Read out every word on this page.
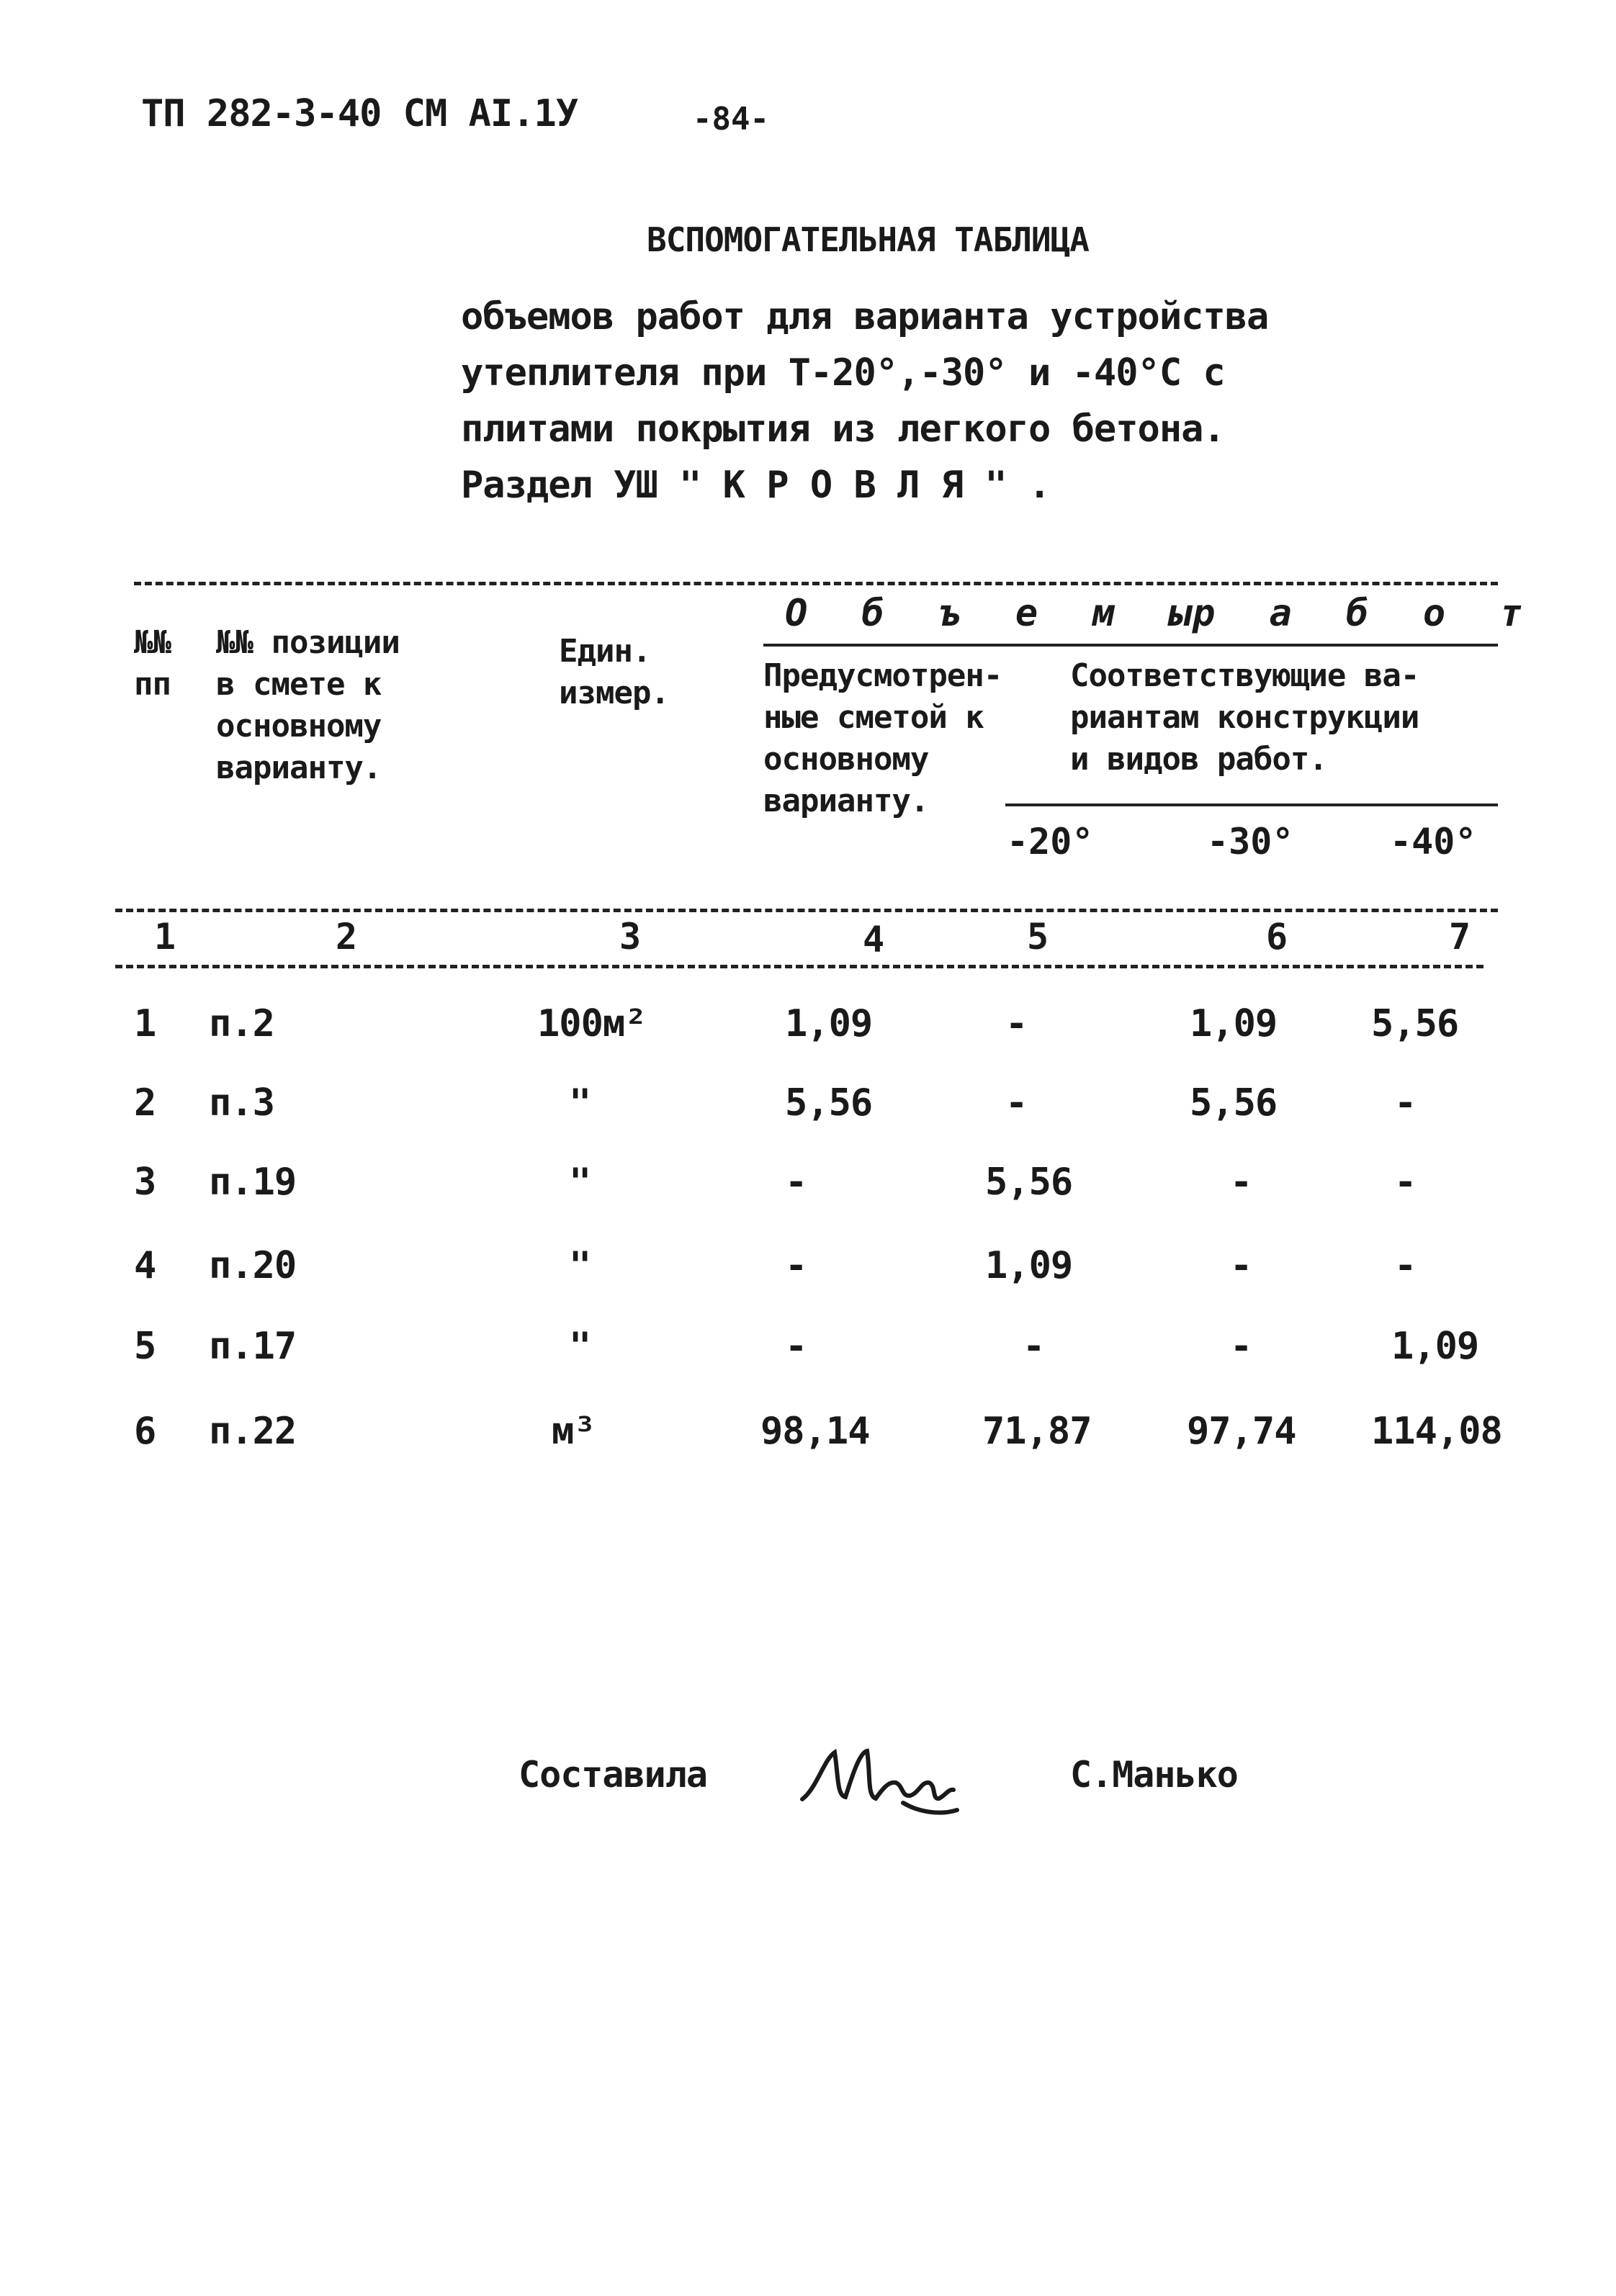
ТП 282-3-40 СМ АI.1У	-84-
ВСПОМОГАТЕЛЬНАЯ ТАБЛИЦА
объемов работ для варианта устройства
утеплителя при Т-20°,-30° и -40°С с
плитами покрытия из легкого бетона.
Раздел УШ " К Р О В Л Я " .
№№
пп
№№ позиции
в смете к
основному
варианту.
Един.
измер.
О б ъ е м ы
р а б о т
Предусмотрен-
ные сметой к
основному
варианту.
Соответствующие ва-
риантам конструкции
и видов работ.
-20°	-30°	-40°
1	2	3	4	5	6	7
1 п.2	100м²	1,09	-	1,09	5,56
2 п.3	"	5,56	-	5,56	-
3 п.19	"	-	5,56	-	-
4 п.20	"	-	1,09	-	-
5 п.17	"	-	-	-	1,09
6 п.22	м³	98,14	71,87	97,74 114,08
Составила	С.Манько
